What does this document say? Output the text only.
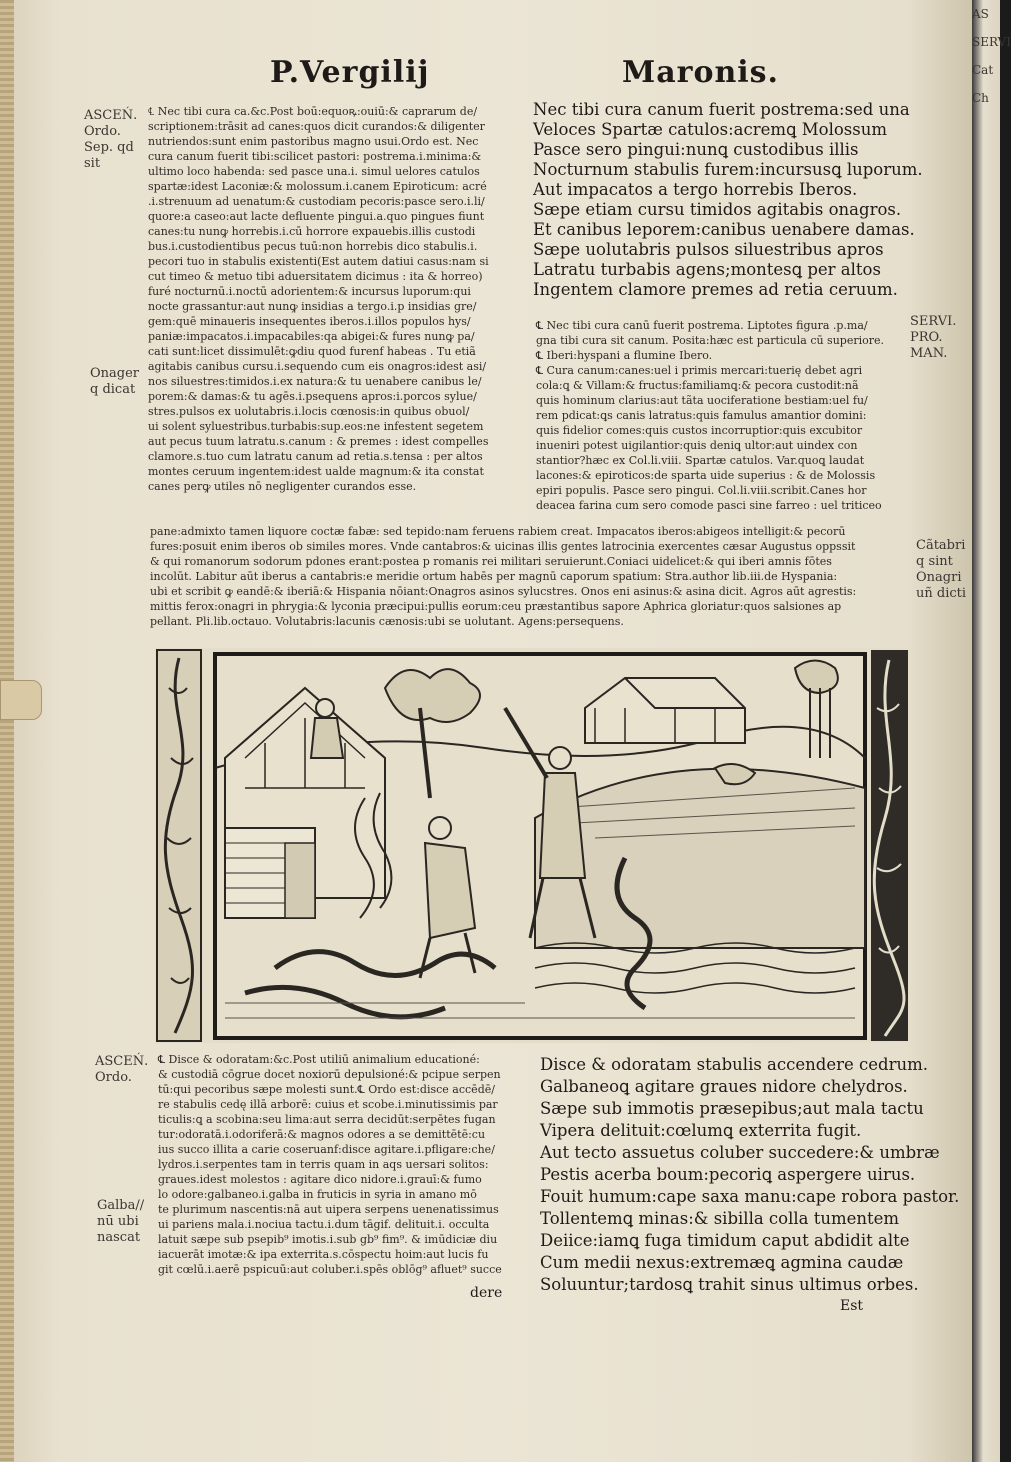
P.Vergilij	Maronis.
ASCEŃ.
Ordo.
Sep. qd
sit
Onager
q dicat
SERVI.
PRO.
MAN.
Cãtabri
q sint
Onagri
uñ dicti
ASCEŃ.
Ordo.
Galba//
nū ubi
nascat
℄ Nec tibi cura ca.&c.Post boū:equoꝶ:ouiū:& caprarum de/
scriptionem:trāsit ad canes:quos dicit curandos:& diligenter
nutriendos:sunt enim pastoribus magno usui.Ordo est. Nec
cura canum fuerit tibi:scilicet pastori: postrema.i.minima:&
ultimo loco habenda: sed pasce una.i. simul uelores catulos
spartæ:idest Laconiæ:& molossum.i.canem Epiroticum: acré
.i.strenuum ad uenatum:& custodiam pecoris:pasce sero.i.li/
quore:a caseo:aut lacte defluente pingui.a.quo pingues fiunt
canes:tu nunꝙ horrebis.i.cū horrore expauebis.illis custodi
bus.i.custodientibus pecus tuū:non horrebis dico stabulis.i.
pecori tuo in stabulis existenti(Est autem datiui casus:nam si
cut timeo & metuo tibi aduersitatem dicimus : ita & horreo)
furé nocturnū.i.noctū adorientem:& incursus luporum:qui
nocte grassantur:aut nunꝙ insidias a tergo.i.p insidias gre/
gem:quē minaueris insequentes iberos.i.illos populos hys/
paniæ:impacatos.i.impacabiles:qa abigei:& fures nunꝙ pa/
cati sunt:licet dissimulēt:ꝙdiu quod furenf habeas . Tu etiã
agitabis canibus cursu.i.sequendo cum eis onagros:idest asi/
nos siluestres:timidos.i.ex natura:& tu uenabere canibus le/
porem:& damas:& tu agēs.i.psequens apros:i.porcos sylue/
stres.pulsos ex uolutabris.i.locis cœnosis:in quibus obuol/
ui solent syluestribus.turbabis:sup.eos:ne infestent segetem
aut pecus tuum latratu.s.canum : & premes : idest compelles
clamore.s.tuo cum latratu canum ad retia.s.tensa : per altos
montes ceruum ingentem:idest ualde magnum:& ita constat
canes perꝙ utiles nō negligenter curandos esse.
Nec tibi cura canum fuerit postrema:sed una
Veloces Spartæ catulos:acremꝗ Molossum
Pasce sero pingui:nunꝗ custodibus illis
Nocturnum stabulis furem:incursusꝗ luporum.
Aut impacatos a tergo horrebis Iberos.
Sæpe etiam cursu timidos agitabis onagros.
Et canibus leporem:canibus uenabere damas.
Sæpe uolutabris pulsos siluestribus apros
Latratu turbabis agens;montesꝗ per altos
Ingentem clamore premes ad retia ceruum.
℄ Nec tibi cura canū fuerit postrema. Liptotes figura .p.ma/
gna tibi cura sit canum. Posita:hæc est particula cū superiore.
℄ Iberi:hyspani a flumine Ibero.
℄ Cura canum:canes:uel i primis mercari:tuerię debet agri
cola:ꝗ & Villam:& fructus:familiamꝗ:& pecora custodit:nã
quis hominum clarius:aut tãta uociferatione bestiam:uel fu/
rem pdicat:ꝗs canis latratus:quis famulus amantior domini:
quis fidelior comes:quis custos incorruptior:quis excubitor
inueniri potest uigilantior:quis deniꝗ ultor:aut uindex con
stantior?hæc ex Col.li.viii. Spartæ catulos. Var.quoꝗ laudat
lacones:& epiroticos:de sparta uide superius : & de Molossis
epiri populis. Pasce sero pingui. Col.li.viii.scribit.Canes hor
deacea farina cum sero comode pasci sine farreo : uel triticeo
pane:admixto tamen liquore coctæ fabæ: sed tepido:nam feruens rabiem creat. Impacatos iberos:abigeos intelligit:& pecorū
fures:posuit enim iberos ob similes mores. Vnde cantabros:& uicinas illis gentes latrocinia exercentes cæsar Augustus oppssit
& qui romanorum sodorum pdones erant:postea p romanis rei militari seruierunt.Coniaci uidelicet:& qui iberi amnis fōtes
incolūt. Labitur aūt iberus a cantabris:e meridie ortum habēs per magnū caporum spatium: Stra.author lib.iii.de Hyspania:
ubi et scribit ꝙ eandē:& iberiā:& Hispania nōiant:Onagros asinos sylucstres. Onos eni asinus:& asina dicit. Agros aūt agrestis:
mittis ferox:onagri in phrygia:& lyconia præcipui:pullis eorum:ceu præstantibus sapore Aphrica gloriatur:quos salsiones ap
pellant. Pli.lib.octauo. Volutabris:lacunis cænosis:ubi se uolutant. Agens:persequens.
℄ Disce & odoratam:&c.Post utiliū animalium educationé:
& custodiā cōgrue docet noxiorū depulsioné:& pcipue serpen
tū:qui pecoribus sæpe molesti sunt.℄ Ordo est:disce accēdē/
re stabulis cedę illā arborē: cuius et scobe.i.minutissimis par
ticulis:ꝗ a scobina:seu lima:aut serra decidūt:serpētes fugan
tur:odoratā.i.odoriferā:& magnos odores a se demittētē:cu
ius succo illita a carie coseruanf:disce agitare.i.pfligare:che/
lydros.i.serpentes tam in terris quam in aqs uersari solitos:
graues.idest molestos : agitare dico nidore.i.grauī:& fumo
lo odore:galbaneo.i.galba in fruticis in syria in amano mō
te plurimum nascentis:nā aut uipera serpens uenenatissimus
ui pariens mala.i.nociua tactu.i.dum tāgif. delituit.i. occulta
latuit sæpe sub psepib⁹ imotis.i.sub gb⁹ fim⁹. & imūdiciæ diu
iacuerāt imotæ:& ipa exterrita.s.cōspectu hoim:aut lucis fu
git cœlū.i.aerē pspicuū:aut coluber.i.spēs oblōg⁹ afluet⁹ succe
dere
Disce & odoratam stabulis accendere cedrum.
Galbaneoꝗ agitare graues nidore chelydros.
Sæpe sub immotis præsepibus;aut mala tactu
Vipera delituit:cœlumꝗ exterrita fugit.
Aut tecto assuetus coluber succedere:& umbræ
Pestis acerba boum:pecoriꝗ aspergere uirus.
Fouit humum:cape saxa manu:cape robora pastor.
Tollentemꝗ minas:& sibilla colla tumentem
Deiice:iamꝗ fuga timidum caput abdidit alte
Cum medii nexus:extremæꝗ agmina caudæ
Soluuntur;tardosꝗ trahit sinus ultimus orbes.
Est
AS
SERVI
Cat
Ch
